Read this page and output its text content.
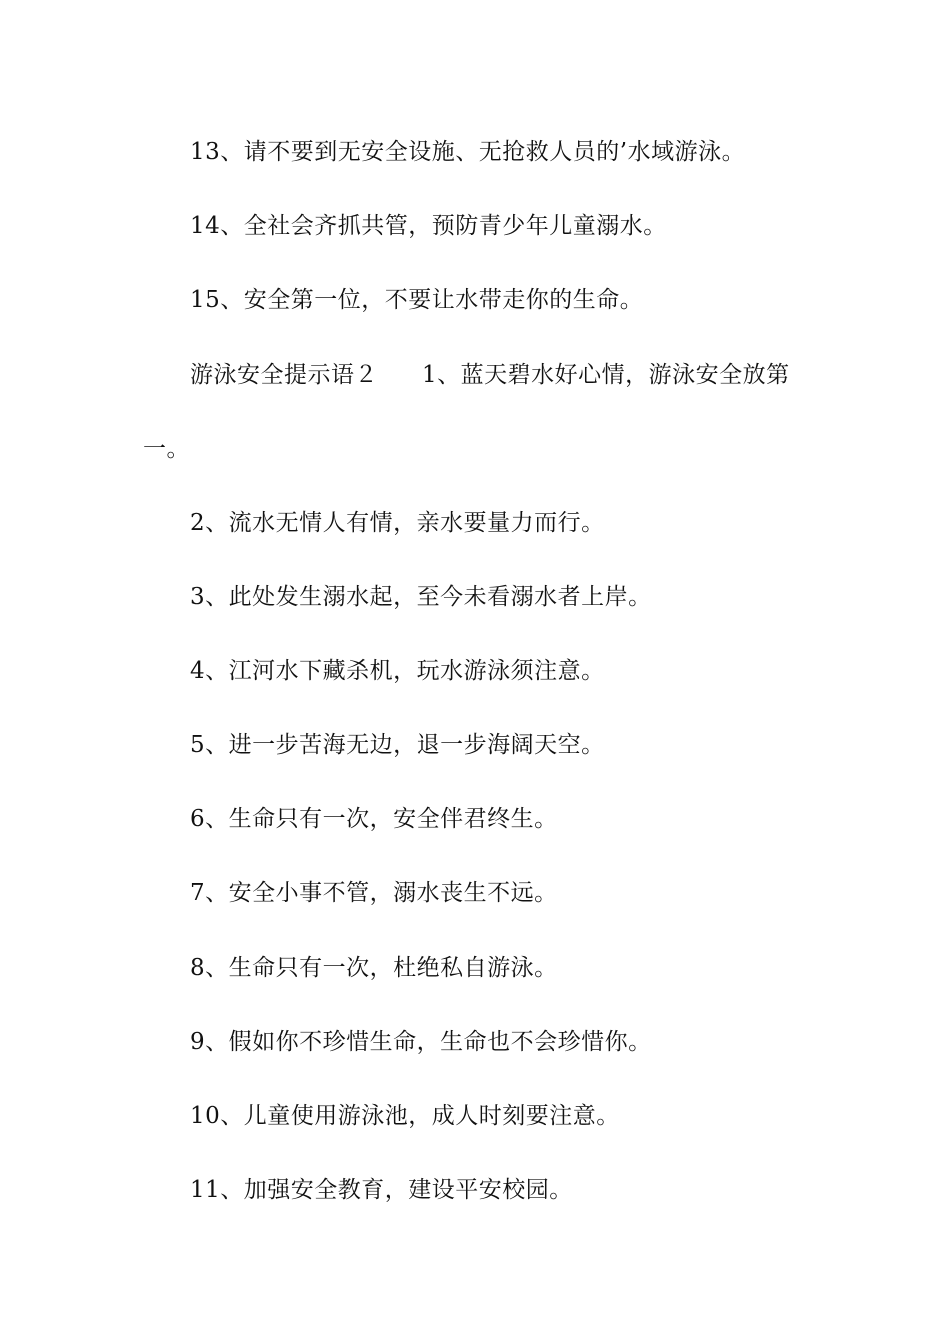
13、请不要到无安全设施、无抢救人员的’水域游泳。
14、全社会齐抓共管，预防青少年儿童溺水。
15、安全第一位，不要让水带走你的生命。
游泳安全提示语２ 1、蓝天碧水好心情，游泳安全放第
一。
2、流水无情人有情，亲水要量力而行。
3、此处发生溺水起，至今未看溺水者上岸。
4、江河水下藏杀机，玩水游泳须注意。
5、进一步苦海无边，退一步海阔天空。
6、生命只有一次，安全伴君终生。
7、安全小事不管，溺水丧生不远。
8、生命只有一次，杜绝私自游泳。
9、假如你不珍惜生命，生命也不会珍惜你。
10、儿童使用游泳池，成人时刻要注意。
11、加强安全教育，建设平安校园。
